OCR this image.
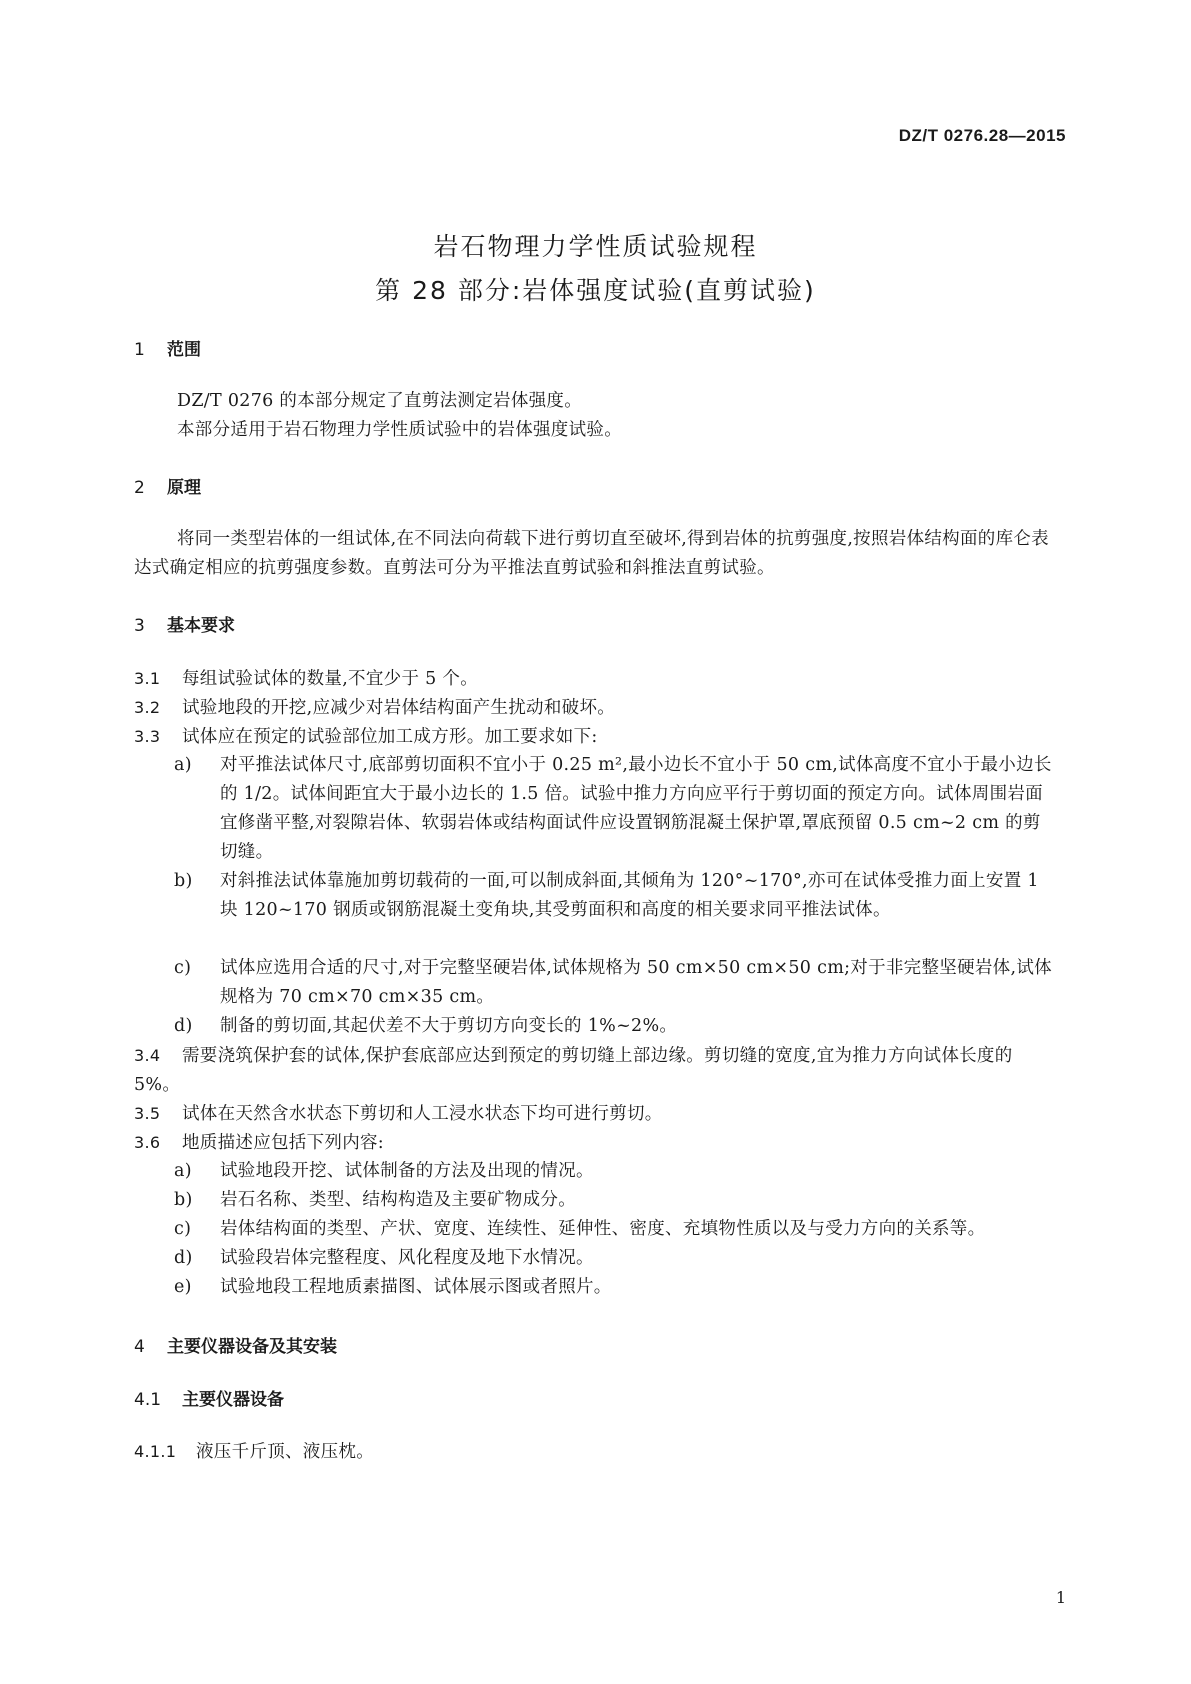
DZ/T 0276.28—2015
岩石物理力学性质试验规程
第 28 部分:岩体强度试验(直剪试验)
1 范围
DZ/T 0276 的本部分规定了直剪法测定岩体强度。
本部分适用于岩石物理力学性质试验中的岩体强度试验。
2 原理
将同一类型岩体的一组试体,在不同法向荷载下进行剪切直至破坏,得到岩体的抗剪强度,按照岩体结构面的库仑表达式确定相应的抗剪强度参数。直剪法可分为平推法直剪试验和斜推法直剪试验。
3 基本要求
3.1 每组试验试体的数量,不宜少于 5 个。
3.2 试验地段的开挖,应减少对岩体结构面产生扰动和破坏。
3.3 试体应在预定的试验部位加工成方形。加工要求如下:
a) 对平推法试体尺寸,底部剪切面积不宜小于 0.25 m²,最小边长不宜小于 50 cm,试体高度不宜小于最小边长的 1/2。试体间距宜大于最小边长的 1.5 倍。试验中推力方向应平行于剪切面的预定方向。试体周围岩面宜修凿平整,对裂隙岩体、软弱岩体或结构面试件应设置钢筋混凝土保护罩,罩底预留 0.5 cm~2 cm 的剪切缝。
b) 对斜推法试体靠施加剪切载荷的一面,可以制成斜面,其倾角为 120°~170°,亦可在试体受推力面上安置 1 块 120~170 钢质或钢筋混凝土变角块,其受剪面积和高度的相关要求同平推法试体。
c) 试体应选用合适的尺寸,对于完整坚硬岩体,试体规格为 50 cm×50 cm×50 cm;对于非完整坚硬岩体,试体规格为 70 cm×70 cm×35 cm。
d) 制备的剪切面,其起伏差不大于剪切方向变长的 1%~2%。
3.4 需要浇筑保护套的试体,保护套底部应达到预定的剪切缝上部边缘。剪切缝的宽度,宜为推力方向试体长度的 5%。
3.5 试体在天然含水状态下剪切和人工浸水状态下均可进行剪切。
3.6 地质描述应包括下列内容:
a) 试验地段开挖、试体制备的方法及出现的情况。
b) 岩石名称、类型、结构构造及主要矿物成分。
c) 岩体结构面的类型、产状、宽度、连续性、延伸性、密度、充填物性质以及与受力方向的关系等。
d) 试验段岩体完整程度、风化程度及地下水情况。
e) 试验地段工程地质素描图、试体展示图或者照片。
4 主要仪器设备及其安装
4.1 主要仪器设备
4.1.1 液压千斤顶、液压枕。
1
